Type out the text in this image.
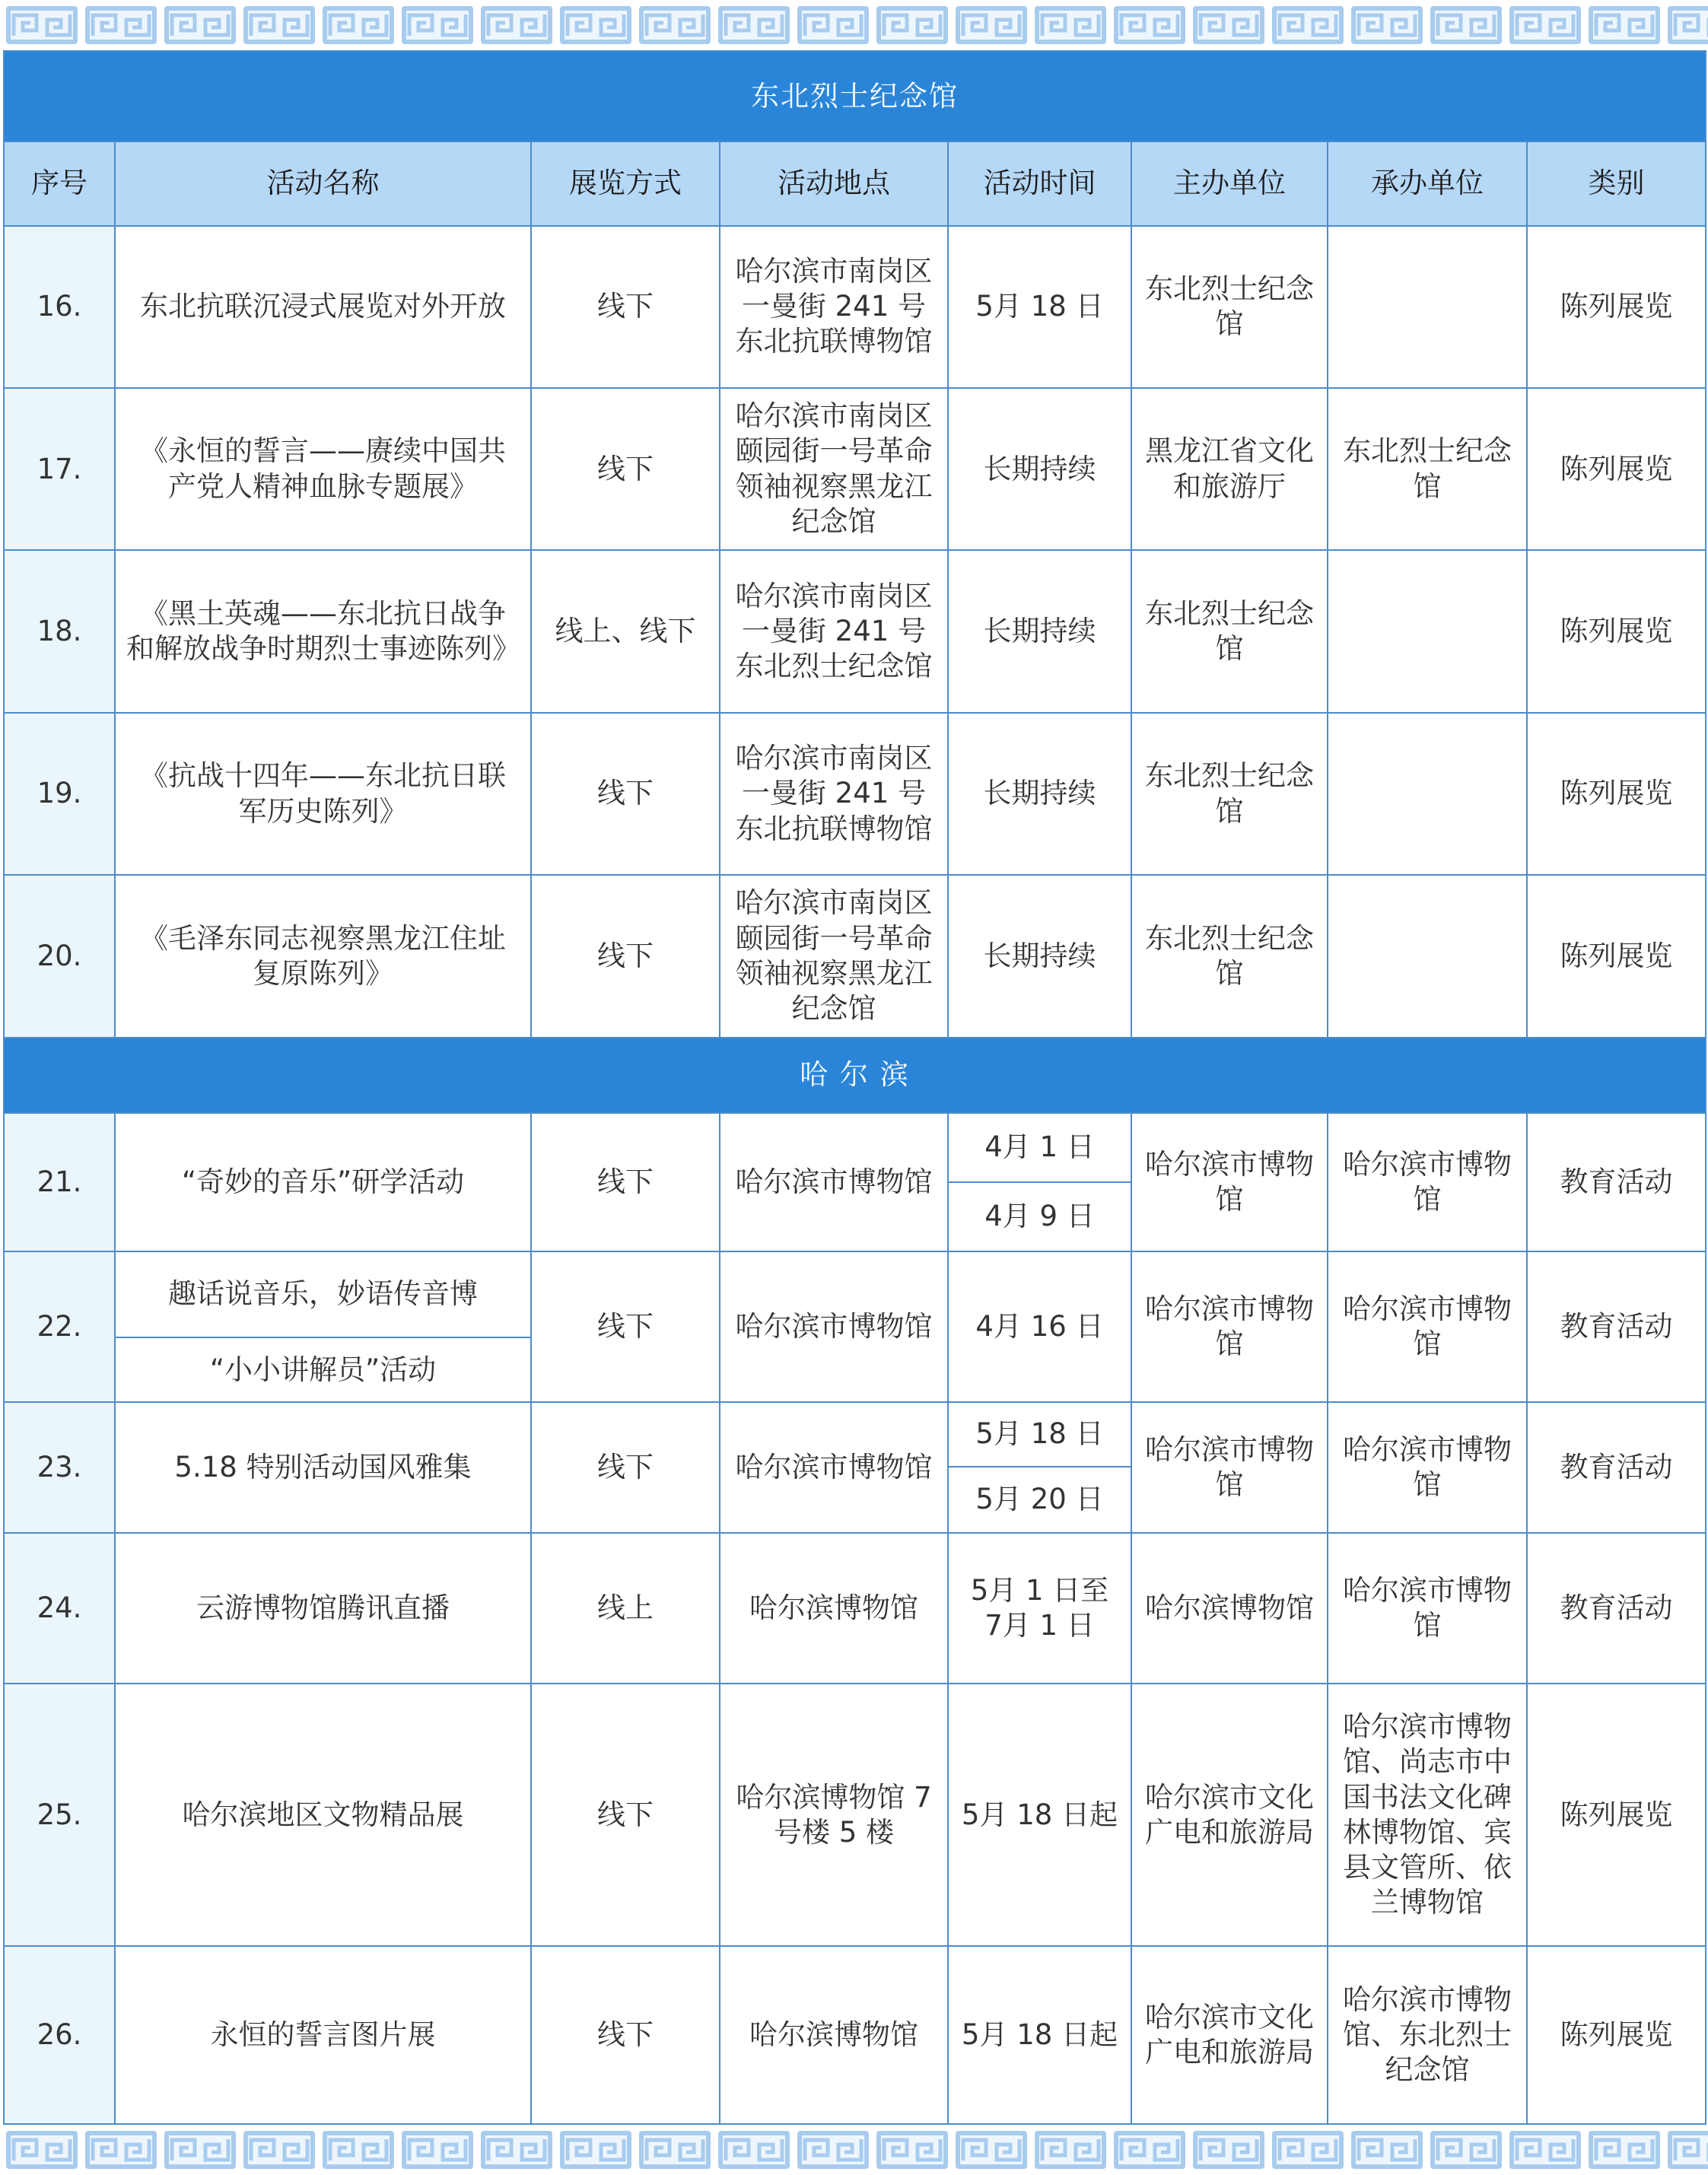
东北烈士纪念馆							
序号	活动名称	展览方式	活动地点	活动时间	主办单位	承办单位	类别
16.	东北抗联沉浸式展览对外开放	线下	哈尔滨市南岗区一曼街 241 号东北抗联博物馆	5月 18 日	东北烈士纪念馆		陈列展览
17.	《永恒的誓言——赓续中国共产党人精神血脉专题展》	线下	哈尔滨市南岗区颐园街一号革命领袖视察黑龙江纪念馆	长期持续	黑龙江省文化和旅游厅	东北烈士纪念馆	陈列展览
18.	《黑土英魂——东北抗日战争和解放战争时期烈士事迹陈列》	线上、线下	哈尔滨市南岗区一曼街 241 号东北烈士纪念馆	长期持续	东北烈士纪念馆		陈列展览
19.	《抗战十四年——东北抗日联军历史陈列》	线下	哈尔滨市南岗区一曼街 241 号东北抗联博物馆	长期持续	东北烈士纪念馆		陈列展览
20.	《毛泽东同志视察黑龙江住址复原陈列》	线下	哈尔滨市南岗区颐园街一号革命领袖视察黑龙江纪念馆	长期持续	东北烈士纪念馆		陈列展览
哈 尔 滨							
21.	“奇妙的音乐”研学活动	线下	哈尔滨市博物馆	4月 1 日	哈尔滨市博物馆	哈尔滨市博物馆	教育活动
				4月 9 日			
22.	趣话说音乐，妙语传音博	线下	哈尔滨市博物馆	4月 16 日	哈尔滨市博物馆	哈尔滨市博物馆	教育活动
	“小小讲解员”活动						
23.	5.18 特别活动国风雅集	线下	哈尔滨市博物馆	5月 18 日	哈尔滨市博物馆	哈尔滨市博物馆	教育活动
				5月 20 日			
24.	云游博物馆腾讯直播	线上	哈尔滨博物馆	5月 1 日至 7月 1 日	哈尔滨博物馆	哈尔滨市博物馆	教育活动
25.	哈尔滨地区文物精品展	线下	哈尔滨博物馆 7 号楼 5 楼	5月 18 日起	哈尔滨市文化广电和旅游局	哈尔滨市博物馆、尚志市中国书法文化碑林博物馆、宾县文管所、依兰博物馆	陈列展览
26.	永恒的誓言图片展	线下	哈尔滨博物馆	5月 18 日起	哈尔滨市文化广电和旅游局	哈尔滨市博物馆、东北烈士纪念馆	陈列展览
